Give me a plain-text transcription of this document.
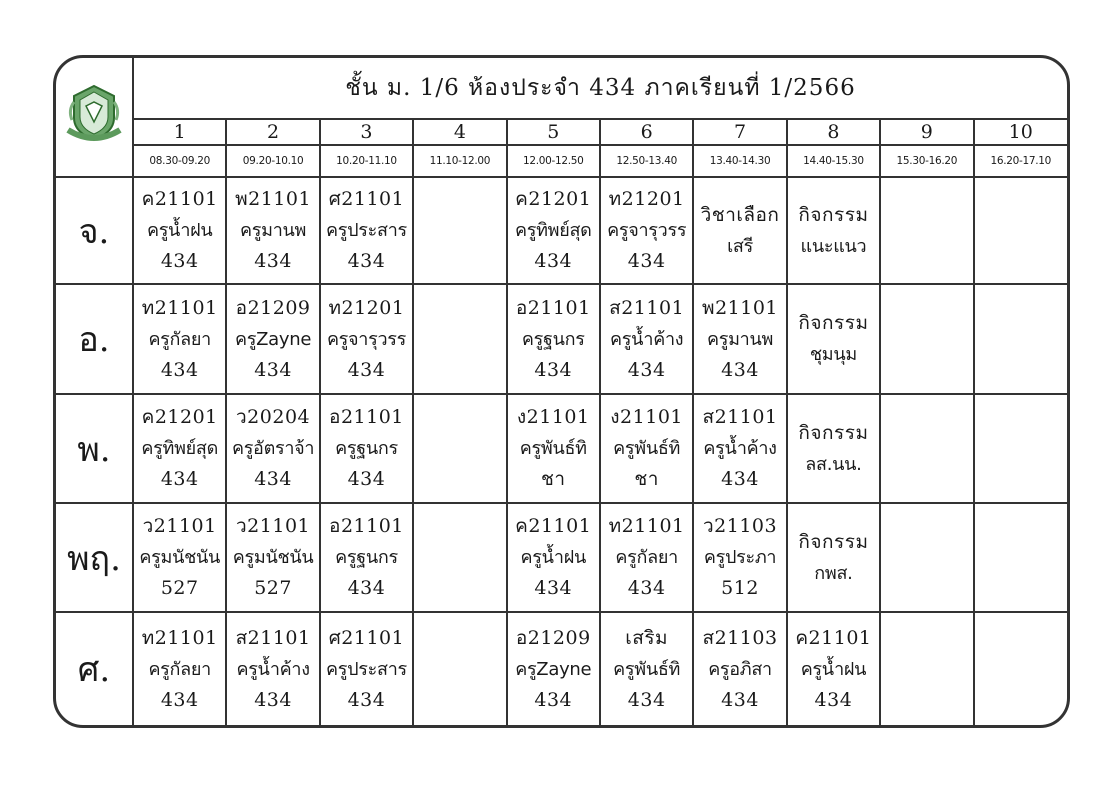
	ชั้น ม. 1/6 ห้องประจำ 434 ภาคเรียนที่ 1/2566									
	1	2	3	4	5	6	7	8	9	10
	08.30-09.20	09.20-10.10	10.20-11.10	11.10-12.00	12.00-12.50	12.50-13.40	13.40-14.30	14.40-15.30	15.30-16.20	16.20-17.10
จ.	ค21101
ครูน้ำฝน
434	พ21101
ครูมานพ
434	ศ21101
ครูประสาร
434		ค21201
ครูทิพย์สุด
434	ท21201
ครูจารุวรร
434	วิชาเลือก
เสรี	กิจกรรม
แนะแนว		

อ.	ท21101
ครูกัลยา
434	อ21209
ครูZayne
434	ท21201
ครูจารุวรร
434		อ21101
ครูฐนกร
434	ส21101
ครูน้ำค้าง
434	พ21101
ครูมานพ
434	กิจกรรม
ชุมนุม		

พ.	ค21201
ครูทิพย์สุด
434	ว20204
ครูอัตราจ้า
434	อ21101
ครูฐนกร
434		ง21101
ครูพันธ์ทิ
ชา	ง21101
ครูพันธ์ทิ
ชา	ส21101
ครูน้ำค้าง
434	กิจกรรม
ลส.นน.		

พฤ.	ว21101
ครูมนัชนัน
527	ว21101
ครูมนัชนัน
527	อ21101
ครูฐนกร
434		ค21101
ครูน้ำฝน
434	ท21101
ครูกัลยา
434	ว21103
ครูประภา
512	กิจกรรม
กพส.		

ศ.	ท21101
ครูกัลยา
434	ส21101
ครูน้ำค้าง
434	ศ21101
ครูประสาร
434		อ21209
ครูZayne
434	เสริม
ครูพันธ์ทิ
434	ส21103
ครูอภิสา
434	ค21101
ครูน้ำฝน
434		
